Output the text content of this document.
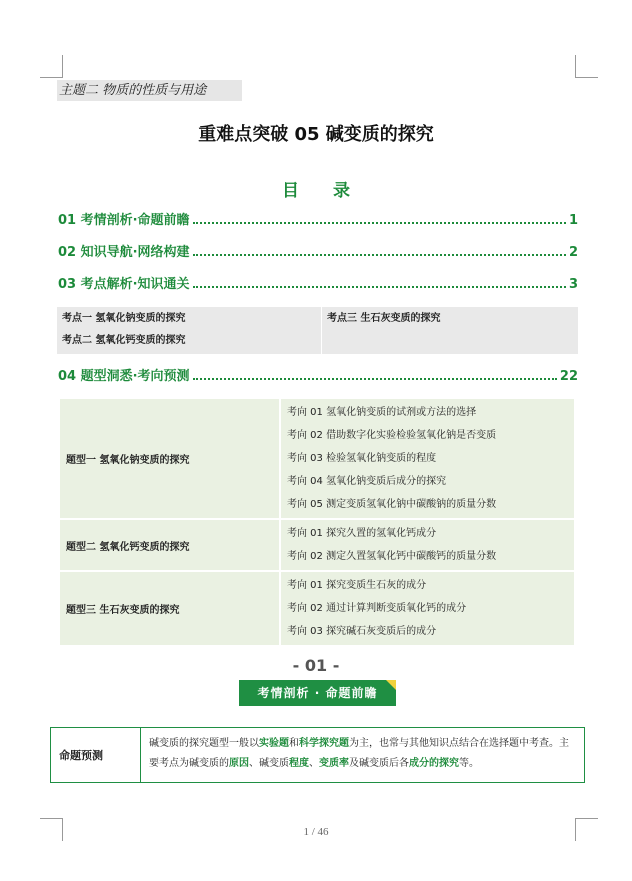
主题二 物质的性质与用途
重难点突破 05 碱变质的探究
目 录
01 考情剖析·命题前瞻	1
02 知识导航·网络构建	2
03 考点解析·知识通关	3
考点一 氢氧化钠变质的探究
考点二 氢氧化钙变质的探究
考点三 生石灰变质的探究
04 题型洞悉·考向预测	22
题型一 氢氧化钠变质的探究	考向 01 氢氧化钠变质的试剂或方法的选择
考向 02 借助数字化实验检验氢氧化钠是否变质
考向 03 检验氢氧化钠变质的程度
考向 04 氢氧化钠变质后成分的探究
考向 05 测定变质氢氧化钠中碳酸钠的质量分数

题型二 氢氧化钙变质的探究	考向 01 探究久置的氢氧化钙成分
考向 02 测定久置氢氧化钙中碳酸钙的质量分数

题型三 生石灰变质的探究	考向 01 探究变质生石灰的成分
考向 02 通过计算判断变质氧化钙的成分
考向 03 探究碱石灰变质后的成分
- 01 -
考情剖析 · 命题前瞻
命题预测
碱变质的探究题型一般以实验题和科学探究题为主，也常与其他知识点结合在选择题中考查。主要考点为碱变质的原因、碱变质程度、变质率及碱变质后各成分的探究等。
1 / 46
